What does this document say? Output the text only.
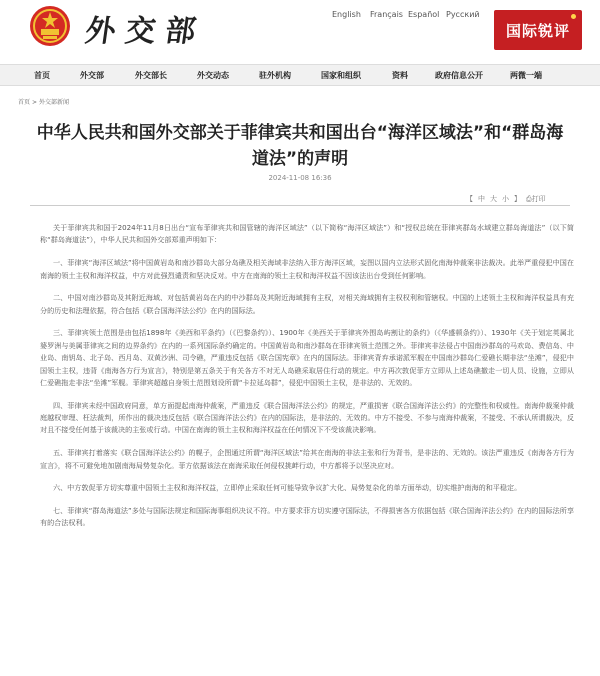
外交部	English	Français Español Русский
国际锐评
首页	外交部	外交部长	外交动态	驻外机构	国家和组织	资料	政府信息公开	两微一端
首页 > 外交部新闻
中华人民共和国外交部关于菲律宾共和国出台“海洋区域法”和“群岛海道法”的声明
2024-11-08 16:36
【 中 大 小 】 ⎙打印

关于菲律宾共和国于2024年11月8日出台“宣布菲律宾共和国管辖的海洋区域法”（以下简称“海洋区域法”）和“授权总统在菲律宾群岛水域建立群岛海道法”（以下简称“群岛海道法”），中华人民共和国外交部郑重声明如下：

一、菲律宾“海洋区域法”将中国黄岩岛和南沙群岛大部分岛礁及相关海域非法纳入菲方海洋区域，妄图以国内立法形式固化南海仲裁案非法裁决。此举严重侵犯中国在南海的领土主权和海洋权益，中方对此强烈谴责和坚决反对。中方在南海的领土主权和海洋权益不因该法出台受到任何影响。

二、中国对南沙群岛及其附近海域、对包括黄岩岛在内的中沙群岛及其附近海域拥有主权，对相关海域拥有主权权利和管辖权。中国的上述领土主权和海洋权益具有充分的历史和法理依据，符合包括《联合国海洋法公约》在内的国际法。

三、菲律宾领土范围是由包括1898年《美西和平条约》（《巴黎条约》）、1900年《美西关于菲律宾外围岛屿割让的条约》（《华盛顿条约》）、1930年《关于划定英属北婆罗洲与美属菲律宾之间的边界条约》在内的一系列国际条约确定的。中国黄岩岛和南沙群岛在菲律宾领土范围之外。菲律宾非法侵占中国南沙群岛的马欢岛、费信岛、中业岛、南钥岛、北子岛、西月岛、双黄沙洲、司令礁，严重违反包括《联合国宪章》在内的国际法。菲律宾背弃承诺派军舰在中国南沙群岛仁爱礁长期非法“坐滩”，侵犯中国领土主权，违背《南海各方行为宣言》，特别是第五条关于有关各方不对无人岛礁采取居住行动的规定。中方再次敦促菲方立即从上述岛礁撤走一切人员、设施，立即从仁爱礁拖走非法“坐滩”军舰。菲律宾超越自身领土范围划设所谓“卡拉延岛群”，侵犯中国领土主权，是非法的、无效的。

四、菲律宾未经中国政府同意，单方面提起南海仲裁案，严重违反《联合国海洋法公约》的规定，严重损害《联合国海洋法公约》的完整性和权威性。南海仲裁案仲裁庭越权审理、枉法裁判，所作出的裁决违反包括《联合国海洋法公约》在内的国际法，是非法的、无效的。中方不接受、不参与南海仲裁案，不接受、不承认所谓裁决，反对且不接受任何基于该裁决的主张或行动。中国在南海的领土主权和海洋权益在任何情况下不受该裁决影响。

五、菲律宾打着落实《联合国海洋法公约》的幌子，企图通过所谓“海洋区域法”给其在南海的非法主张和行为背书，是非法的、无效的。该法严重违反《南海各方行为宣言》，将不可避免地加剧南海局势复杂化。菲方依据该法在南海采取任何侵权挑衅行动，中方都将予以坚决应对。

六、中方敦促菲方切实尊重中国领土主权和海洋权益，立即停止采取任何可能导致争议扩大化、局势复杂化的单方面举动，切实维护南海的和平稳定。

七、菲律宾“群岛海道法”多处与国际法规定和国际海事组织决议不符。中方要求菲方切实遵守国际法，不得损害各方依据包括《联合国海洋法公约》在内的国际法所享有的合法权利。
